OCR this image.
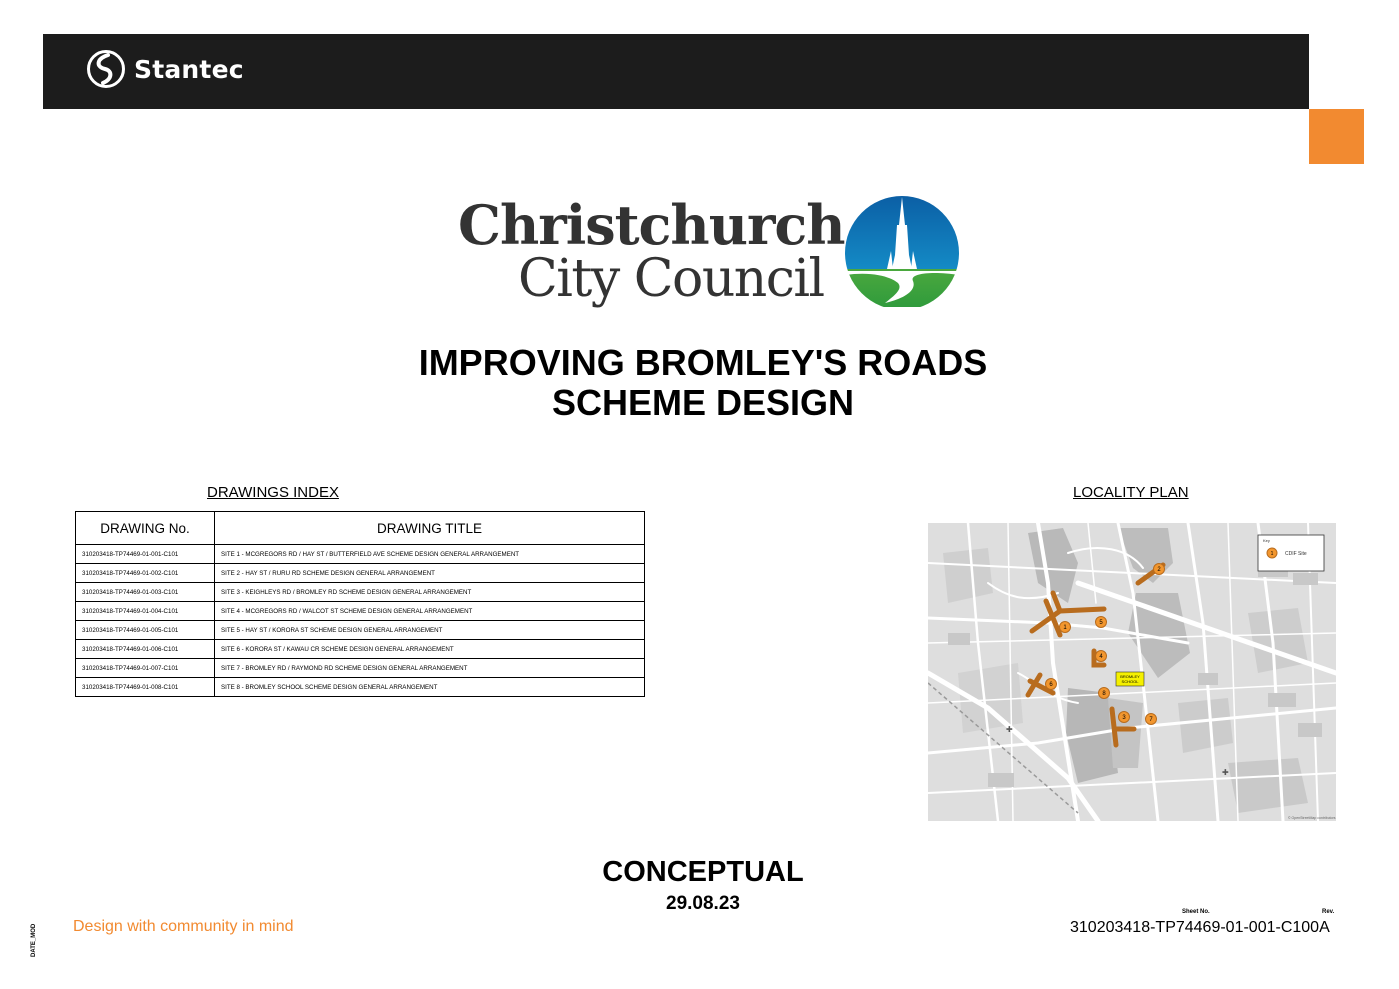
Stantec
Christchurch
City Council
IMPROVING BROMLEY'S ROADS
SCHEME DESIGN
DRAWINGS INDEX
DRAWING No.	DRAWING TITLE
310203418-TP74469-01-001-C101	SITE 1 - MCGREGORS RD / HAY ST / BUTTERFIELD AVE SCHEME DESIGN GENERAL ARRANGEMENT
310203418-TP74469-01-002-C101	SITE 2 - HAY ST / RURU RD SCHEME DESIGN GENERAL ARRANGEMENT
310203418-TP74469-01-003-C101	SITE 3 - KEIGHLEYS RD / BROMLEY RD SCHEME DESIGN GENERAL ARRANGEMENT
310203418-TP74469-01-004-C101	SITE 4 - MCGREGORS RD / WALCOT ST SCHEME DESIGN GENERAL ARRANGEMENT
310203418-TP74469-01-005-C101	SITE 5 - HAY ST / KORORA ST SCHEME DESIGN GENERAL ARRANGEMENT
310203418-TP74469-01-006-C101	SITE 6 - KORORA ST / KAWAU CR SCHEME DESIGN GENERAL ARRANGEMENT
310203418-TP74469-01-007-C101	SITE 7 - BROMLEY RD / RAYMOND RD SCHEME DESIGN GENERAL ARRANGEMENT
310203418-TP74469-01-008-C101	SITE 8 - BROMLEY SCHOOL SCHEME DESIGN GENERAL ARRANGEMENT
LOCALITY PLAN
1
2
3
4
5
6
7
8
BROMLEY
SCHOOL
Key
1 CDIF Site
✚
✚
© OpenStreetMap contributors
CONCEPTUAL
29.08.23
Design with community in mind
DATE_MOD
Sheet No.	Rev.
310203418-TP74469-01-001-C100A
